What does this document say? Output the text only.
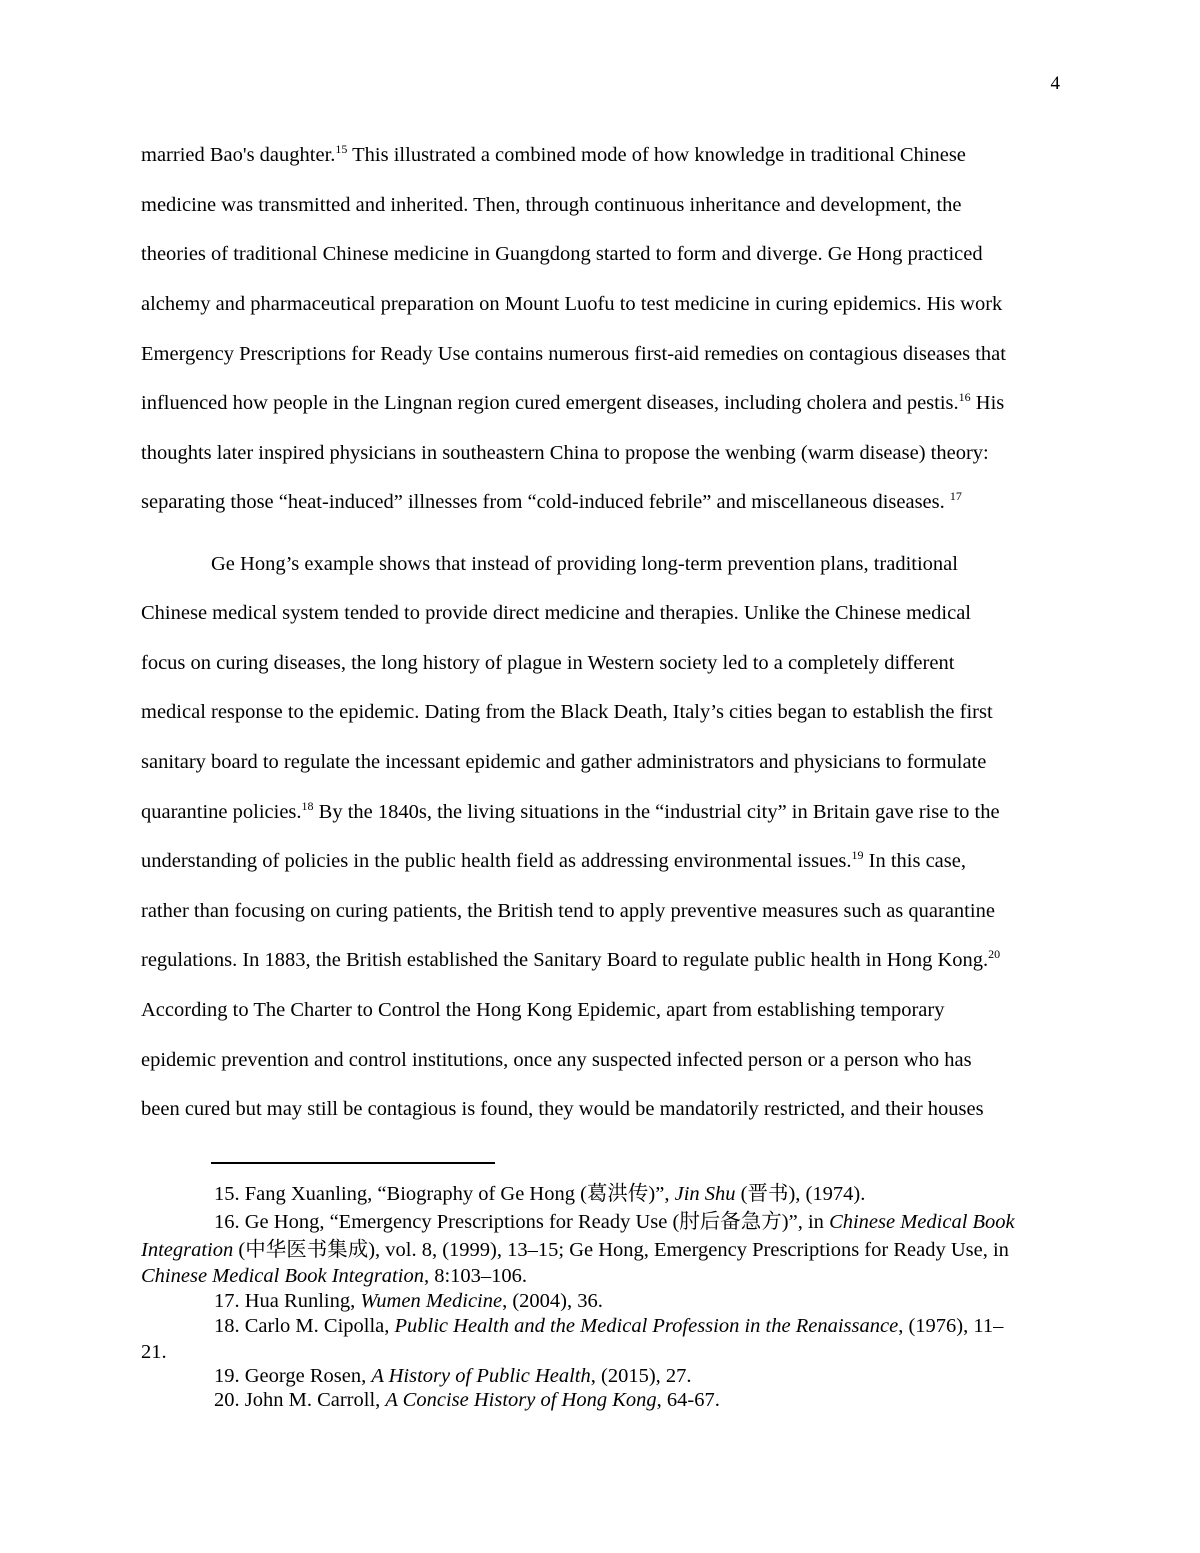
4
married Bao's daughter.$^{15}$ This illustrated a combined mode of how knowledge in traditional Chinese
medicine was transmitted and inherited. Then, through continuous inheritance and development, the
theories of traditional Chinese medicine in Guangdong started to form and diverge. Ge Hong practiced
alchemy and pharmaceutical preparation on Mount Luofu to test medicine in curing epidemics. His work
Emergency Prescriptions for Ready Use contains numerous first-aid remedies on contagious diseases that
influenced how people in the Lingnan region cured emergent diseases, including cholera and pestis.$^{16}$ His
thoughts later inspired physicians in southeastern China to propose the wenbing (warm disease) theory:
separating those “heat-induced” illnesses from “cold-induced febrile” and miscellaneous diseases. $^{17}$
Ge Hong’s example shows that instead of providing long-term prevention plans, traditional
Chinese medical system tended to provide direct medicine and therapies. Unlike the Chinese medical
focus on curing diseases, the long history of plague in Western society led to a completely different
medical response to the epidemic. Dating from the Black Death, Italy’s cities began to establish the first
sanitary board to regulate the incessant epidemic and gather administrators and physicians to formulate
quarantine policies.$^{18}$ By the 1840s, the living situations in the “industrial city” in Britain gave rise to the
understanding of policies in the public health field as addressing environmental issues.$^{19}$ In this case,
rather than focusing on curing patients, the British tend to apply preventive measures such as quarantine
regulations. In 1883, the British established the Sanitary Board to regulate public health in Hong Kong.$^{20}$
According to The Charter to Control the Hong Kong Epidemic, apart from establishing temporary
epidemic prevention and control institutions, once any suspected infected person or a person who has
been cured but may still be contagious is found, they would be mandatorily restricted, and their houses
15. Fang Xuanling, “Biography of Ge Hong (葛洪传)”, Jin Shu (晋书), (1974).
16. Ge Hong, “Emergency Prescriptions for Ready Use (肘后备急方)”, in Chinese Medical Book
Integration (中华医书集成), vol. 8, (1999), 13–15; Ge Hong, Emergency Prescriptions for Ready Use, in
Chinese Medical Book Integration, 8:103–106.
17. Hua Runling, Wumen Medicine, (2004), 36.
18. Carlo M. Cipolla, Public Health and the Medical Profession in the Renaissance, (1976), 11–
21.
19. George Rosen, A History of Public Health, (2015), 27.
20. John M. Carroll, A Concise History of Hong Kong, 64-67.
